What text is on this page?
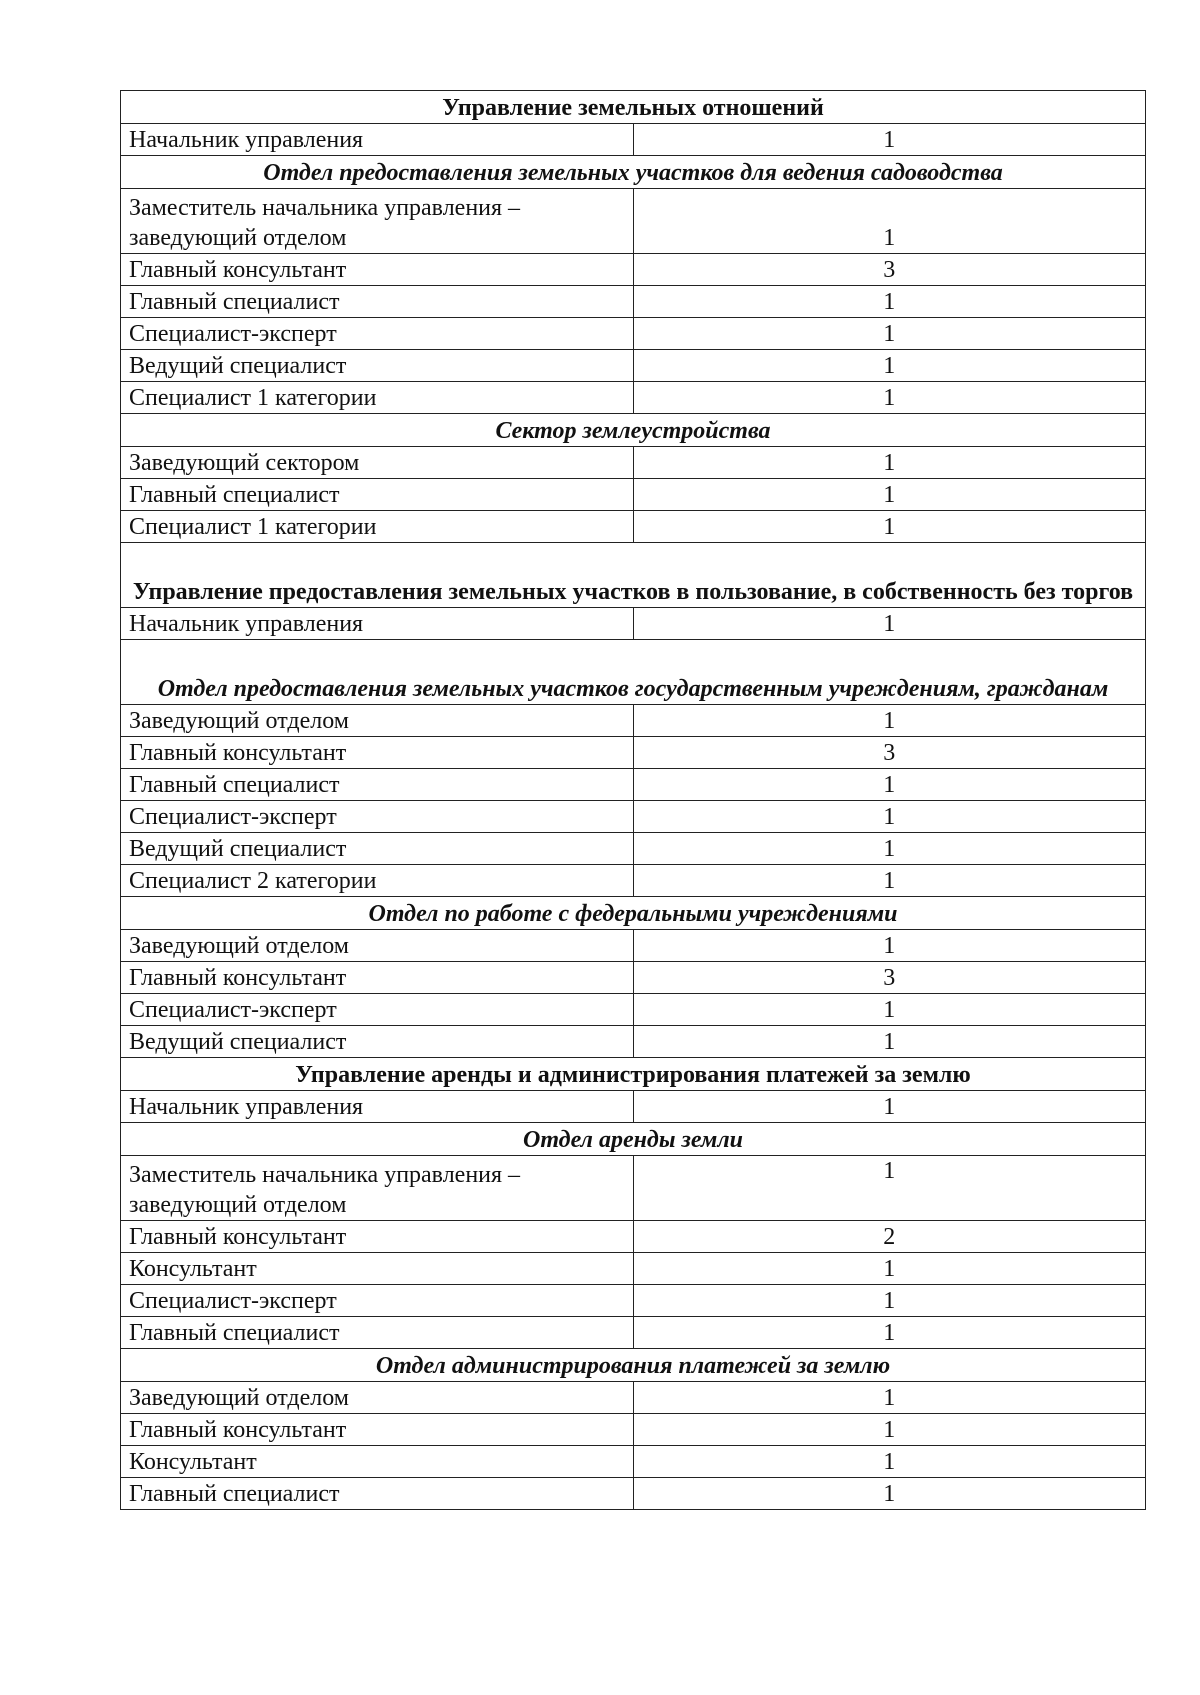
Управление земельных отношений	
Начальник управления	1
Отдел предоставления земельных участков для ведения садоводства	
Заместитель начальника управления – заведующий отделом	1
Главный консультант	3
Главный специалист	1
Специалист-эксперт	1
Ведущий специалист	1
Специалист 1 категории	1
Сектор землеустройства	
Заведующий сектором	1
Главный специалист	1
Специалист 1 категории	1
Управление предоставления земельных участков в пользование, в собственность без торгов	
Начальник управления	1
Отдел предоставления земельных участков государственным учреждениям, гражданам	
Заведующий отделом	1
Главный консультант	3
Главный специалист	1
Специалист-эксперт	1
Ведущий специалист	1
Специалист 2 категории	1
Отдел по работе с федеральными учреждениями	
Заведующий отделом	1
Главный консультант	3
Специалист-эксперт	1
Ведущий специалист	1
Управление аренды и администрирования платежей за землю	
Начальник управления	1
Отдел аренды земли	
Заместитель начальника управления – заведующий отделом	1
Главный консультант	2
Консультант	1
Специалист-эксперт	1
Главный специалист	1
Отдел администрирования платежей за землю	
Заведующий отделом	1
Главный консультант	1
Консультант	1
Главный специалист	1
